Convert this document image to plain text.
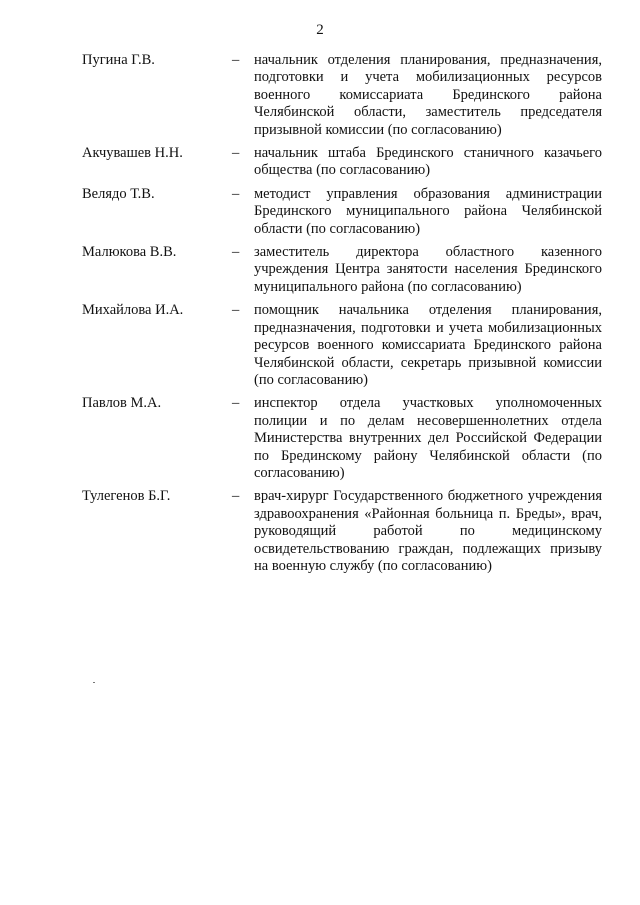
2
Пугина Г.В.	– начальник отделения планирования, предназначения, подготовки и учета мобилизационных ресурсов военного комиссариата Брединского района Челябинской области, заместитель председателя призывной комиссии (по согласованию)
Акчувашев Н.Н.	– начальник штаба Брединского станичного казачьего общества (по согласованию)
Велядо Т.В.	– методист управления образования администрации Брединского муниципального района Челябинской области (по согласованию)
Малюкова В.В.	– заместитель директора областного казенного учреждения Центра занятости населения Брединского муниципального района (по согласованию)
Михайлова И.А.	– помощник начальника отделения планирования, предназначения, подготовки и учета мобилизационных ресурсов военного комиссариата Брединского района Челябинской области, секретарь призывной комиссии (по согласованию)
Павлов М.А.	– инспектор отдела участковых уполномоченных полиции и по делам несовершеннолетних отдела Министерства внутренних дел Российской Федерации по Брединскому району Челябинской области (по согласованию)
Тулегенов Б.Г.	– врач-хирург Государственного бюджетного учреждения здравоохранения «Районная больница п. Бреды», врач, руководящий работой по медицинскому освидетельствованию граждан, подлежащих призыву на военную службу (по согласованию)
